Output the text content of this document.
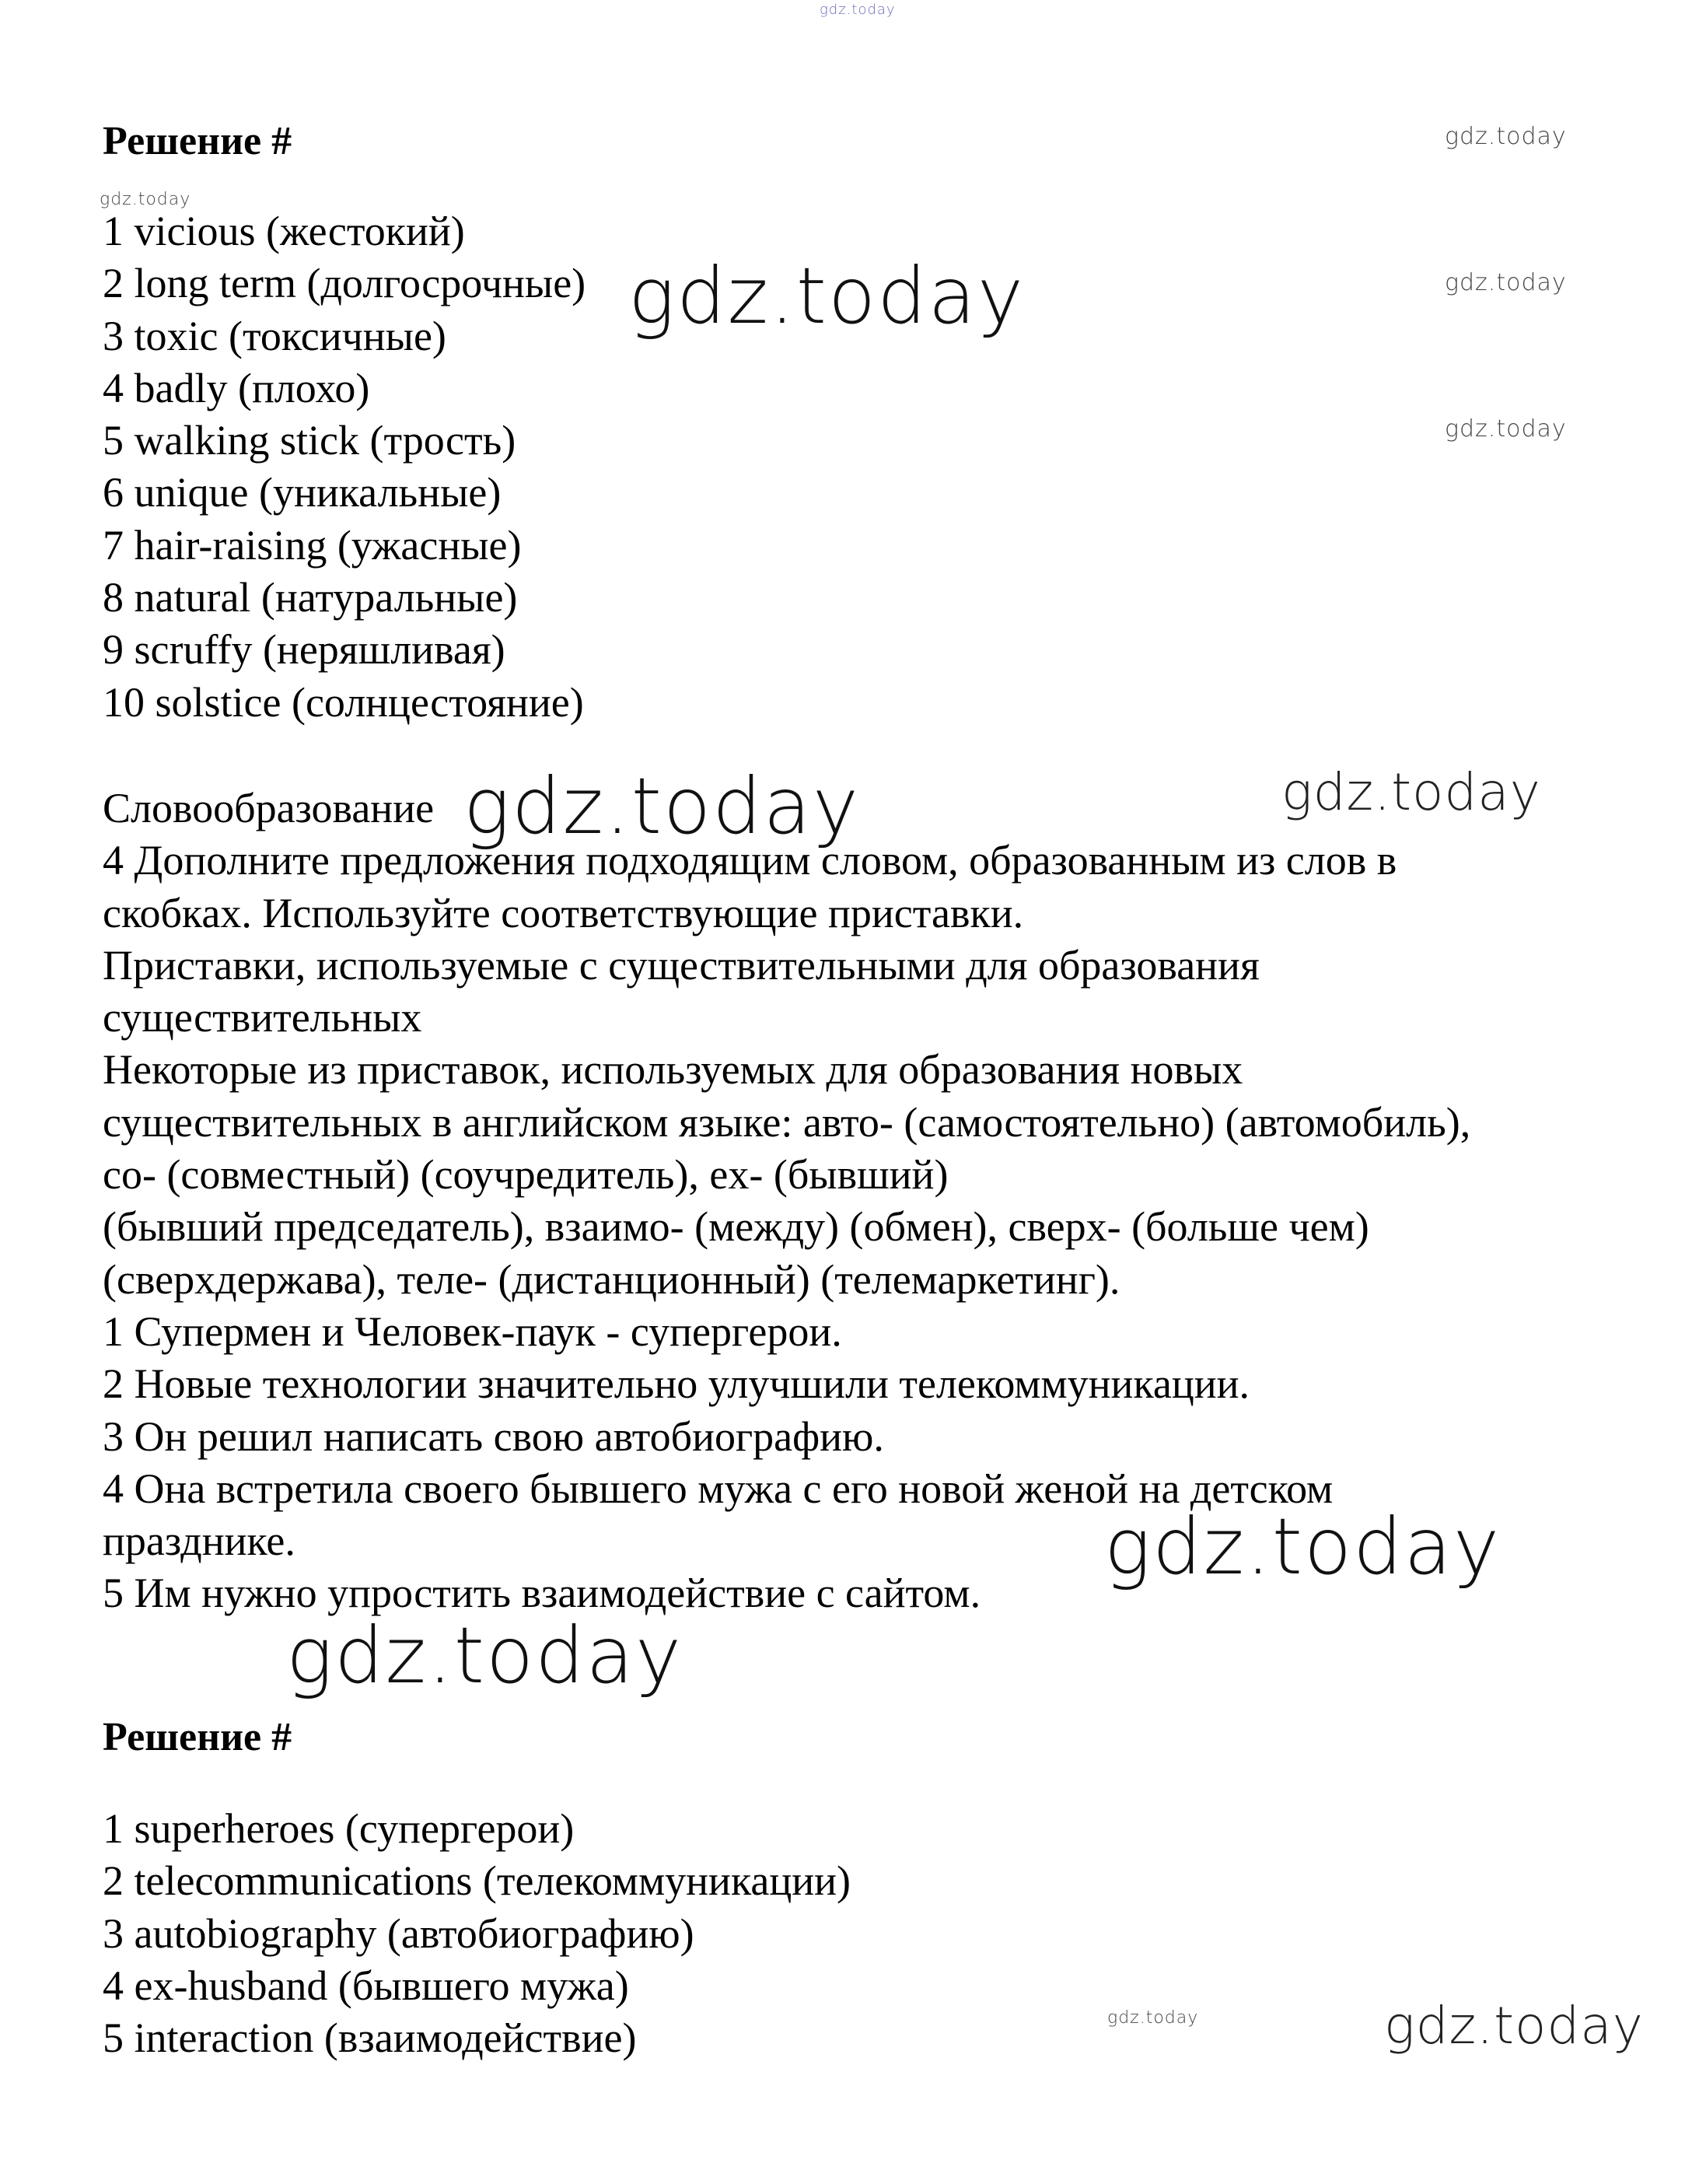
gdz.today
gdz.today
gdz.today
gdz.today
gdz.today
gdz.today
gdz.today	gdz.today
gdz.today
gdz.today
gdz.today	gdz.today
Решение #
1 vicious (жестокий)
2 long term (долгосрочные)
3 toxic (токсичные)
4 badly (плохо)
5 walking stick (трость)
6 unique (уникальные)
7 hair-raising (ужасные)
8 natural (натуральные)
9 scruffy (неряшливая)
10 solstice (солнцестояние)
Словообразование
4 Дополните предложения подходящим словом, образованным из слов в
скобках. Используйте соответствующие приставки.
Приставки, используемые с существительными для образования
существительных
Некоторые из приставок, используемых для образования новых
существительных в английском языке: авто- (самостоятельно) (автомобиль),
со- (совместный) (соучредитель), ex- (бывший)
(бывший председатель), взаимо- (между) (обмен), сверх- (больше чем)
(сверхдержава), теле- (дистанционный) (телемаркетинг).
1 Супермен и Человек-паук - супергерои.
2 Новые технологии значительно улучшили телекоммуникации.
3 Он решил написать свою автобиографию.
4 Она встретила своего бывшего мужа с его новой женой на детском
празднике.
5 Им нужно упростить взаимодействие с сайтом.
Решение #
1 superheroes (супергерои)
2 telecommunications (телекоммуникации)
3 autobiography (автобиографию)
4 ex-husband (бывшего мужа)
5 interaction (взаимодействие)
